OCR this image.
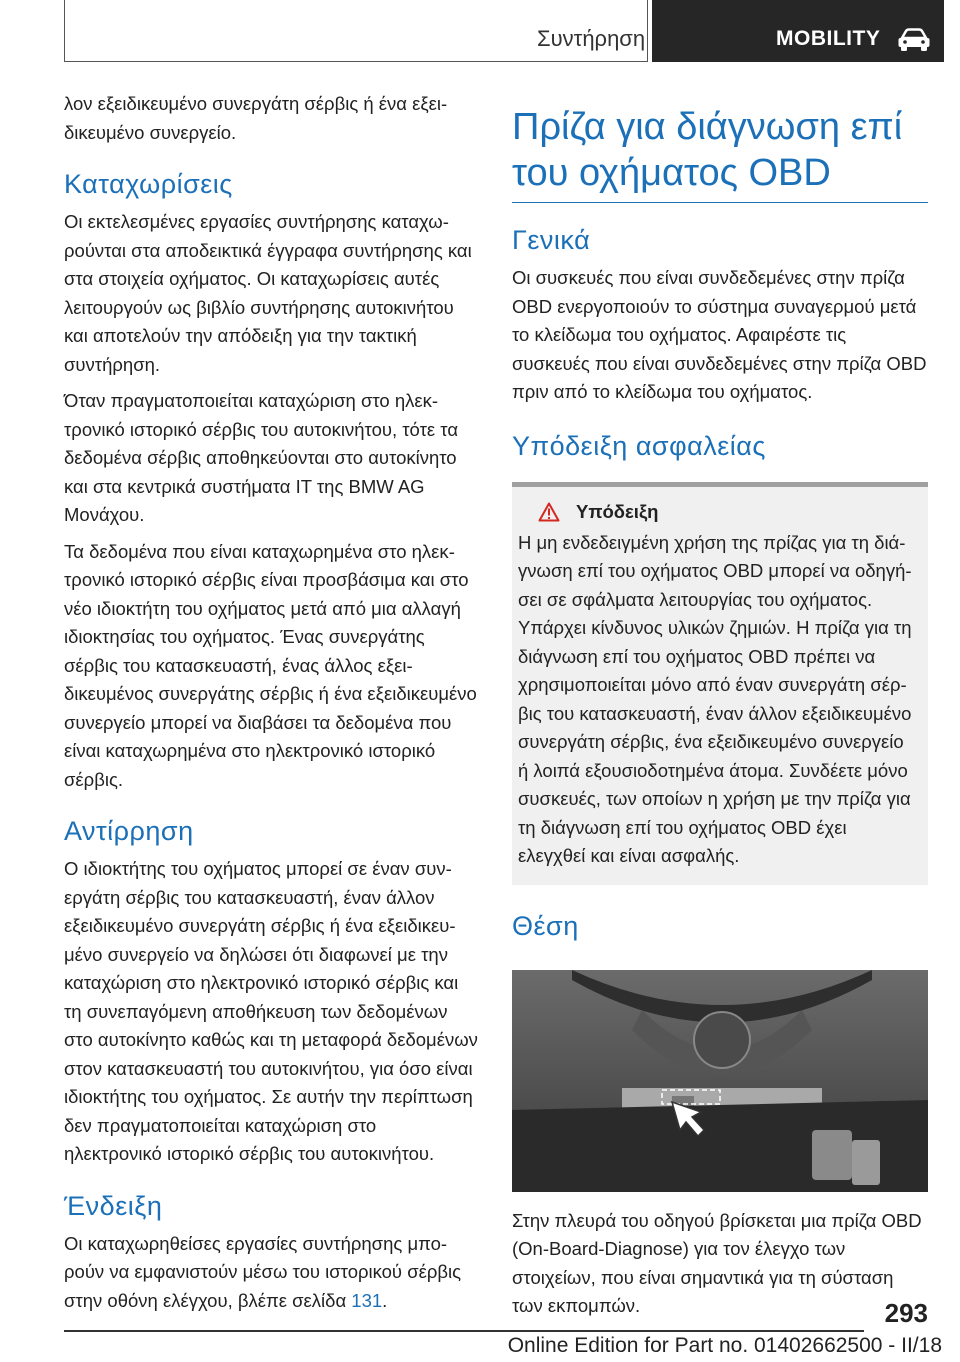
Συντήρηση	MOBILITY

λον εξειδικευμένο συνεργάτη σέρβις ή ένα εξειδικευμένο συνεργείο.

Καταχωρίσεις

Οι εκτελεσμένες εργασίες συντήρησης καταχωρούνται στα αποδεικτικά έγγραφα συντήρησης και στα στοιχεία οχήματος. Οι καταχωρίσεις αυτές λειτουργούν ως βιβλίο συντήρησης αυτοκινήτου και αποτελούν την απόδειξη για την τακτική συντήρηση.

Όταν πραγματοποιείται καταχώριση στο ηλεκτρονικό ιστορικό σέρβις του αυτοκινήτου, τότε τα δεδομένα σέρβις αποθηκεύονται στο αυτοκίνητο και στα κεντρικά συστήματα IT της BMW AG Μονάχου.

Τα δεδομένα που είναι καταχωρημένα στο ηλεκτρονικό ιστορικό σέρβις είναι προσβάσιμα και στο νέο ιδιοκτήτη του οχήματος μετά από μια αλλαγή ιδιοκτησίας του οχήματος. Ένας συνεργάτης σέρβις του κατασκευαστή, ένας άλλος εξειδικευμένος συνεργάτης σέρβις ή ένα εξειδικευμένο συνεργείο μπορεί να διαβάσει τα δεδομένα που είναι καταχωρημένα στο ηλεκτρονικό ιστορικό σέρβις.

Αντίρρηση

Ο ιδιοκτήτης του οχήματος μπορεί σε έναν συνεργάτη σέρβις του κατασκευαστή, έναν άλλον εξειδικευμένο συνεργάτη σέρβις ή ένα εξειδικευμένο συνεργείο να δηλώσει ότι διαφωνεί με την καταχώριση στο ηλεκτρονικό ιστορικό σέρβις και τη συνεπαγόμενη αποθήκευση των δεδομένων στο αυτοκίνητο καθώς και τη μεταφορά δεδομένων στον κατασκευαστή του αυτοκινήτου, για όσο είναι ιδιοκτήτης του οχήματος. Σε αυτήν την περίπτωση δεν πραγματοποιείται καταχώριση στο ηλεκτρονικό ιστορικό σέρβις του αυτοκινήτου.

Ένδειξη

Οι καταχωρηθείσες εργασίες συντήρησης μπορούν να εμφανιστούν μέσω του ιστορικού σέρβις στην οθόνη ελέγχου, βλέπε σελίδα 131.

Πρίζα για διάγνωση επί του οχήματος OBD
Γενικά

Οι συσκευές που είναι συνδεδεμένες στην πρίζα OBD ενεργοποιούν το σύστημα συναγερμού μετά το κλείδωμα του οχήματος. Αφαιρέστε τις συσκευές που είναι συνδεδεμένες στην πρίζα OBD πριν από το κλείδωμα του οχήματος.

Υπόδειξη ασφαλείας
Υπόδειξη

Η μη ενδεδειγμένη χρήση της πρίζας για τη διάγνωση επί του οχήματος OBD μπορεί να οδηγήσει σε σφάλματα λειτουργίας του οχήματος. Υπάρχει κίνδυνος υλικών ζημιών. Η πρίζα για τη διάγνωση επί του οχήματος OBD πρέπει να χρησιμοποιείται μόνο από έναν συνεργάτη σέρβις του κατασκευαστή, έναν άλλον εξειδικευμένο συνεργάτη σέρβις, ένα εξειδικευμένο συνεργείο ή λοιπά εξουσιοδοτημένα άτομα. Συνδέετε μόνο συσκευές, των οποίων η χρήση με την πρίζα για τη διάγνωση επί του οχήματος OBD έχει ελεγχθεί και είναι ασφαλής.

Θέση

Στην πλευρά του οδηγού βρίσκεται μια πρίζα OBD (On-Board-Diagnose) για τον έλεγχο των στοιχείων, που είναι σημαντικά για τη σύσταση των εκπομπών.	293
Online Edition for Part no. 01402662500 - II/18
